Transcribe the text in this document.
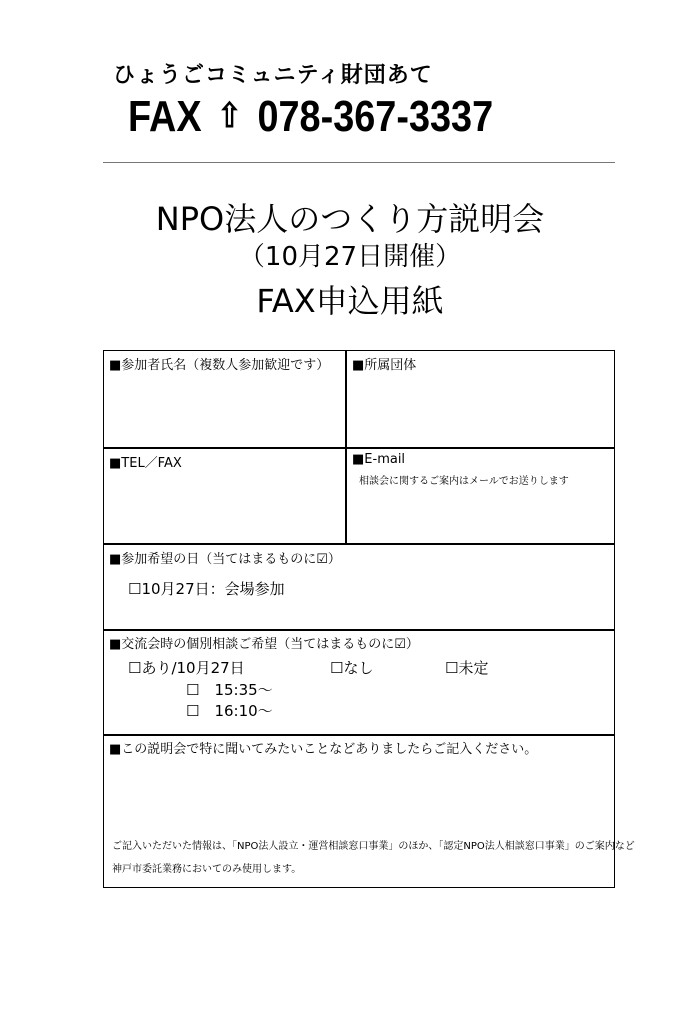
ひょうごコミュニティ財団あて
FAX ⇧ 078-367-3337
NPO法人のつくり方説明会
（10月27日開催）
FAX申込用紙
■参加者氏名（複数人参加歓迎です） ■所属団体
■TEL／FAX	■E-mail
相談会に関するご案内はメールでお送りします
■参加希望の日（当てはまるものに☑）
☐10月27日：会場参加
■交流会時の個別相談ご希望（当てはまるものに☑）
☐あり/10月27日	☐なし	☐未定
☐　15:35～
☐　16:10～
■この説明会で特に聞いてみたいことなどありましたらご記入ください。
ご記入いただいた情報は、「NPO法人設立・運営相談窓口事業」のほか、「認定NPO法人相談窓口事業」のご案内など
神戸市委託業務においてのみ使用します。
